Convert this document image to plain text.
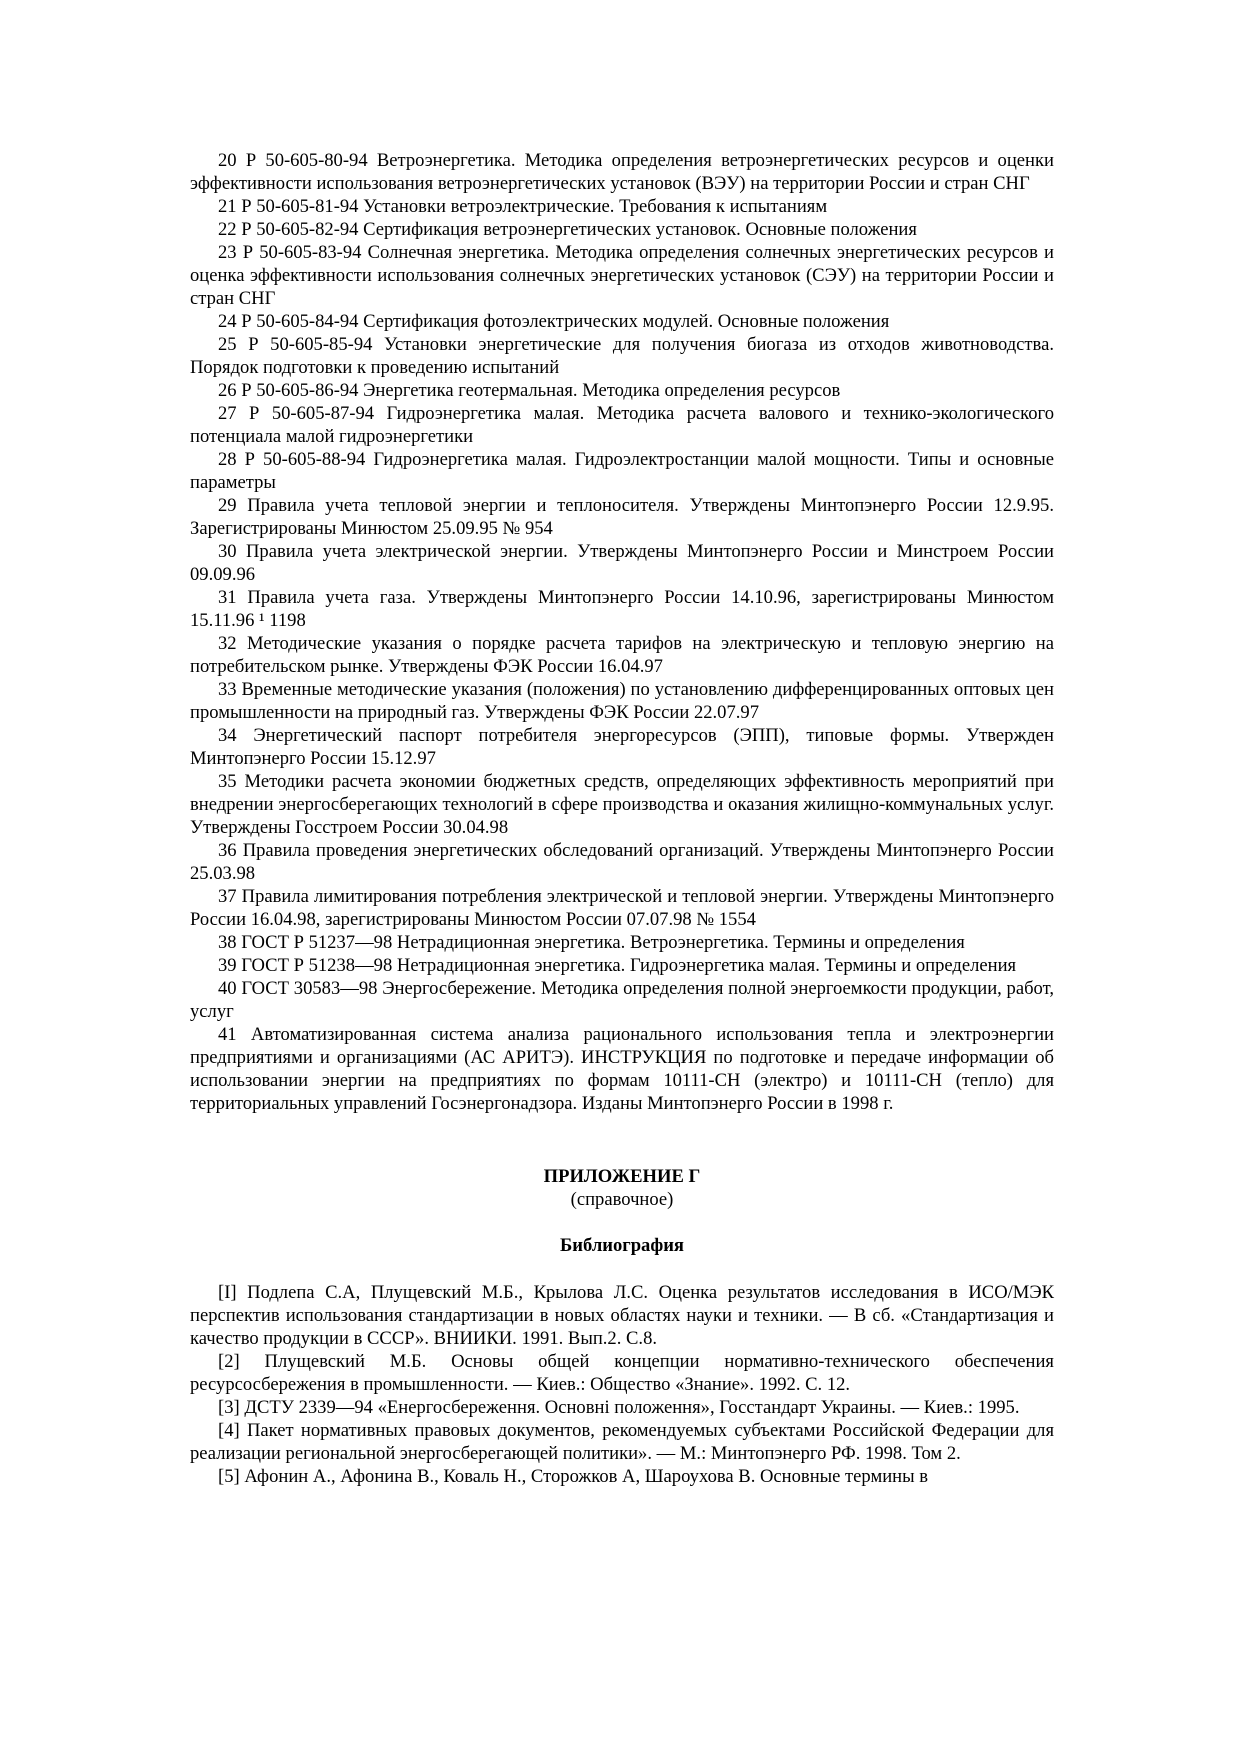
20 Р 50-605-80-94 Ветроэнергетика. Методика определения ветроэнергетических ресурсов и оценки эффективности использования ветроэнергетических установок (ВЭУ) на территории России и стран СНГ

21 Р 50-605-81-94 Установки ветроэлектрические. Требования к испытаниям

22 Р 50-605-82-94 Сертификация ветроэнергетических установок. Основные положения

23 Р 50-605-83-94 Солнечная энергетика. Методика определения солнечных энергетических ресурсов и оценка эффективности использования солнечных энергетических установок (СЭУ) на территории России и стран СНГ

24 Р 50-605-84-94 Сертификация фотоэлектрических модулей. Основные положения

25 Р 50-605-85-94 Установки энергетические для получения биогаза из отходов животноводства. Порядок подготовки к проведению испытаний

26 Р 50-605-86-94 Энергетика геотермальная. Методика определения ресурсов

27 Р 50-605-87-94 Гидроэнергетика малая. Методика расчета валового и технико-экологического потенциала малой гидроэнергетики

28 Р 50-605-88-94 Гидроэнергетика малая. Гидроэлектростанции малой мощности. Типы и основные параметры

29 Правила учета тепловой энергии и теплоносителя. Утверждены Минтопэнерго России 12.9.95. Зарегистрированы Минюстом 25.09.95 № 954

30 Правила учета электрической энергии. Утверждены Минтопэнерго России и Минстроем России 09.09.96

31 Правила учета газа. Утверждены Минтопэнерго России 14.10.96, зарегистрированы Минюстом 15.11.96 ¹ 1198

32 Методические указания о порядке расчета тарифов на электрическую и тепловую энергию на потребительском рынке. Утверждены ФЭК России 16.04.97

33 Временные методические указания (положения) по установлению дифференцированных оптовых цен промышленности на природный газ. Утверждены ФЭК России 22.07.97

34 Энергетический паспорт потребителя энергоресурсов (ЭПП), типовые формы. Утвержден Минтопэнерго России 15.12.97

35 Методики расчета экономии бюджетных средств, определяющих эффективность мероприятий при внедрении энергосберегающих технологий в сфере производства и оказания жилищно-коммунальных услуг. Утверждены Госстроем России 30.04.98

36 Правила проведения энергетических обследований организаций. Утверждены Минтопэнерго России 25.03.98

37 Правила лимитирования потребления электрической и тепловой энергии. Утверждены Минтопэнерго России 16.04.98, зарегистрированы Минюстом России 07.07.98 № 1554

38 ГОСТ Р 51237—98 Нетрадиционная энергетика. Ветроэнергетика. Термины и определения

39 ГОСТ Р 51238—98 Нетрадиционная энергетика. Гидроэнергетика малая. Термины и определения

40 ГОСТ 30583—98 Энергосбережение. Методика определения полной энергоемкости продукции, работ, услуг

41 Автоматизированная система анализа рационального использования тепла и электроэнергии предприятиями и организациями (АС АРИТЭ). ИНСТРУКЦИЯ по подготовке и передаче информации об использовании энергии на предприятиях по формам 10111-СН (электро) и 10111-СН (тепло) для территориальных управлений Госэнергонадзора. Изданы Минтопэнерго России в 1998 г.

ПРИЛОЖЕНИЕ Г

(справочное)

Библиография

[I] Подлепа С.А, Плущевский М.Б., Крылова Л.С. Оценка результатов исследования в ИСО/МЭК перспектив использования стандартизации в новых областях науки и техники. — В сб. «Стандартизация и качество продукции в СССР». ВНИИКИ. 1991. Вып.2. С.8.

[2] Плущевский М.Б. Основы общей концепции нормативно-технического обеспечения ресурсосбережения в промышленности. — Киев.: Общество «Знание». 1992. С. 12.

[3] ДСТУ 2339—94 «Енергосбереження. Основні положення», Госстандарт Украины. — Киев.: 1995.

[4] Пакет нормативных правовых документов, рекомендуемых субъектами Российской Федерации для реализации региональной энергосберегающей политики». — М.: Минтопэнерго РФ. 1998. Том 2.

[5] Афонин А., Афонина В., Коваль Н., Сторожков А, Шароухова В. Основные термины в
